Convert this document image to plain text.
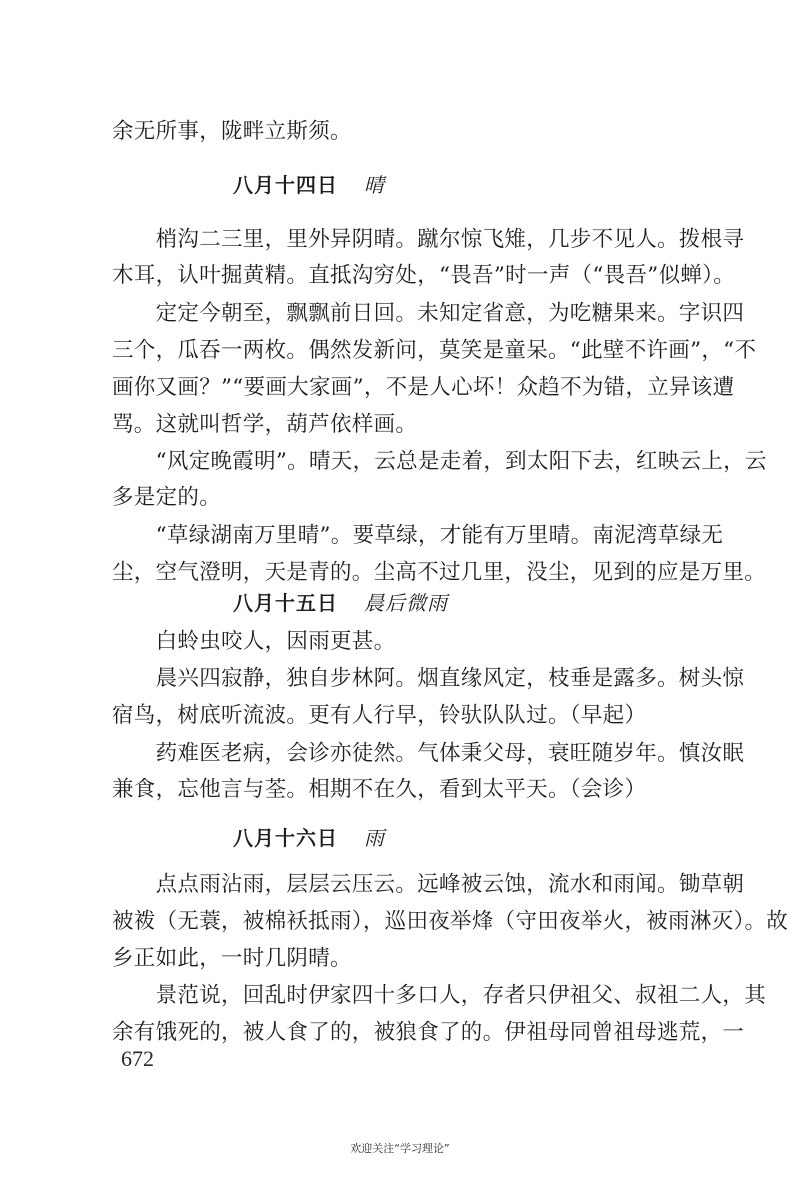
余无所事，陇畔立斯须。
八月十四日 晴
　　梢沟二三里，里外异阴晴。蹴尔惊飞雉，几步不见人。拨根寻
木耳，认叶掘黄精。直抵沟穷处，“畏吾”时一声（“畏吾”似蝉）。
　　定定今朝至，飘飘前日回。未知定省意，为吃糖果来。字识四
三个，瓜吞一两枚。偶然发新问，莫笑是童呆。“此壁不许画”，“不
画你又画？”“要画大家画”，不是人心坏！众趋不为错，立异该遭
骂。这就叫哲学，葫芦依样画。
　　“风定晚霞明”。晴天，云总是走着，到太阳下去，红映云上，云
多是定的。
　　“草绿湖南万里晴”。要草绿，才能有万里晴。南泥湾草绿无
尘，空气澄明，天是青的。尘高不过几里，没尘，见到的应是万里。
八月十五日 晨后微雨
　　白蛉虫咬人，因雨更甚。
　　晨兴四寂静，独自步林阿。烟直缘风定，枝垂是露多。树头惊
宿鸟，树底听流波。更有人行早，铃驮队队过。（早起）
　　药难医老病，会诊亦徒然。气体秉父母，衰旺随岁年。慎汝眠
兼食，忘他言与荃。相期不在久，看到太平天。（会诊）
八月十六日 雨
　　点点雨沾雨，层层云压云。远峰被云蚀，流水和雨闻。锄草朝
被袯（无蓑，被棉袄抵雨），巡田夜举烽（守田夜举火，被雨淋灭）。故
乡正如此，一时几阴晴。
　　景范说，回乱时伊家四十多口人，存者只伊祖父、叔祖二人，其
余有饿死的，被人食了的，被狼食了的。伊祖母同曾祖母逃荒，一
672
欢迎关注“学习理论”
